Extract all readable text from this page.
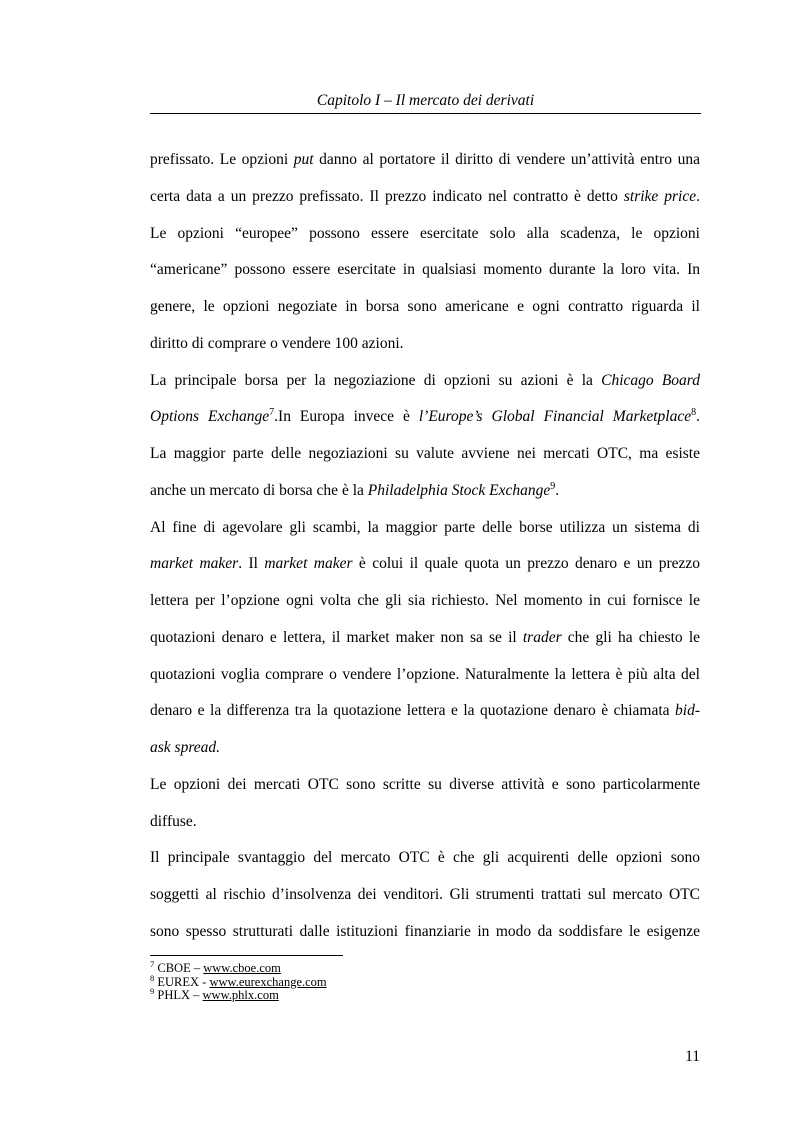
Capitolo I – Il mercato dei derivati
prefissato. Le opzioni put danno al portatore il diritto di vendere un’attività entro una
certa data a un prezzo prefissato. Il prezzo indicato nel contratto è detto strike price.
Le opzioni “europee” possono essere esercitate solo alla scadenza, le opzioni
“americane” possono essere esercitate in qualsiasi momento durante la loro vita. In
genere, le opzioni negoziate in borsa sono americane e ogni contratto riguarda il
diritto di comprare o vendere 100 azioni.
La principale borsa per la negoziazione di opzioni su azioni è la Chicago Board
Options Exchange$^7$.In Europa invece è l’Europe’s Global Financial Marketplace$^8$.
La maggior parte delle negoziazioni su valute avviene nei mercati OTC, ma esiste
anche un mercato di borsa che è la Philadelphia Stock Exchange$^9$.
Al fine di agevolare gli scambi, la maggior parte delle borse utilizza un sistema di
market maker. Il market maker è colui il quale quota un prezzo denaro e un prezzo
lettera per l’opzione ogni volta che gli sia richiesto. Nel momento in cui fornisce le
quotazioni denaro e lettera, il market maker non sa se il trader che gli ha chiesto le
quotazioni voglia comprare o vendere l’opzione. Naturalmente la lettera è più alta del
denaro e la differenza tra la quotazione lettera e la quotazione denaro è chiamata bid-
ask spread.
Le opzioni dei mercati OTC sono scritte su diverse attività e sono particolarmente
diffuse.
Il principale svantaggio del mercato OTC è che gli acquirenti delle opzioni sono
soggetti al rischio d’insolvenza dei venditori. Gli strumenti trattati sul mercato OTC
sono spesso strutturati dalle istituzioni finanziarie in modo da soddisfare le esigenze
$^7$ CBOE – www.cboe.com
$^8$ EUREX - www.eurexchange.com
$^9$ PHLX – www.phlx.com
11
